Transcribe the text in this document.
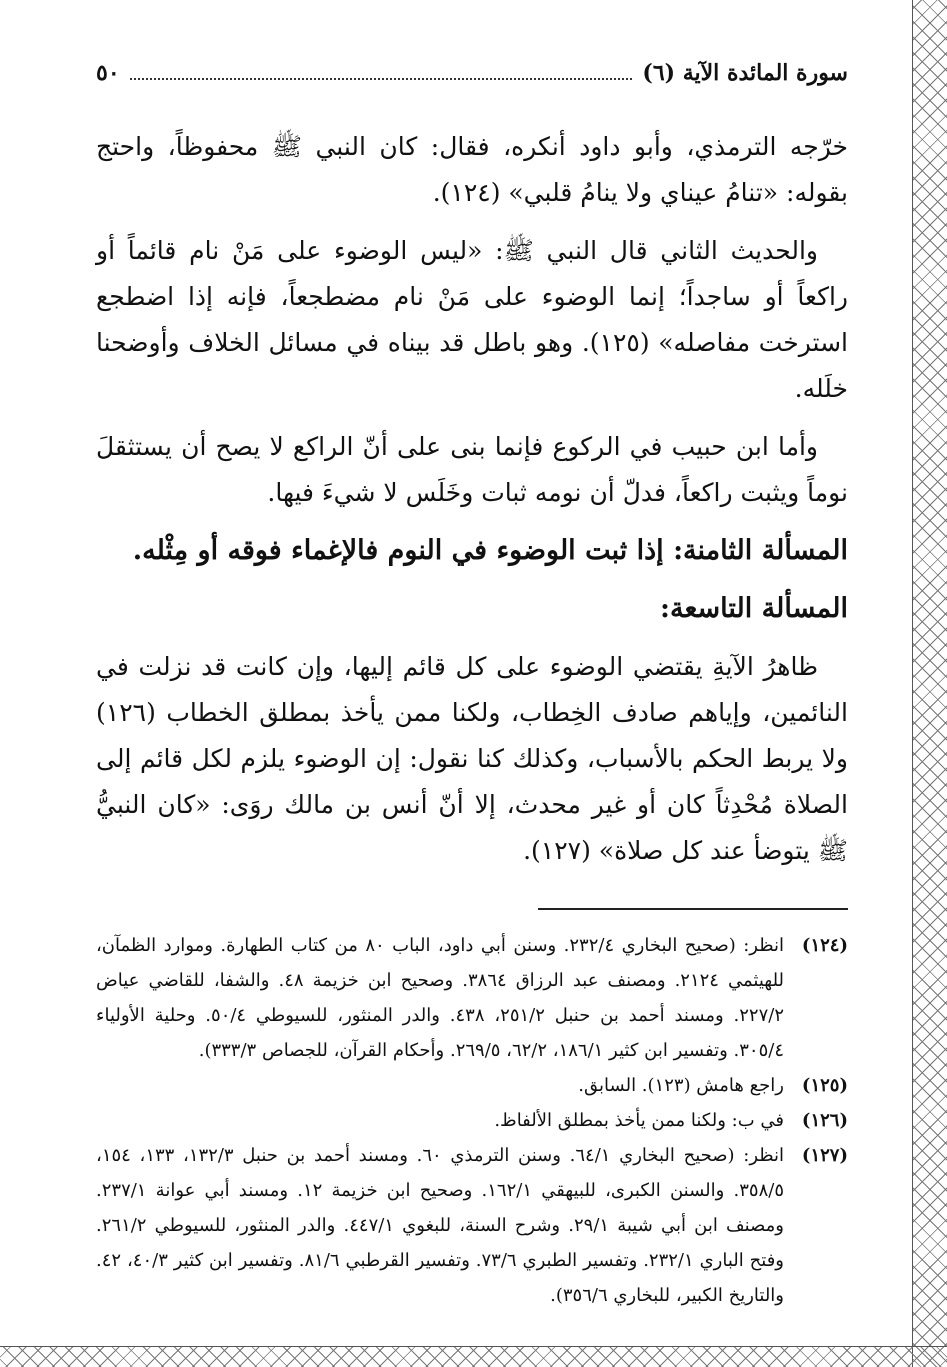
سورة المائدة الآية (٦)
٥٠

خرّجه الترمذي، وأبو داود أنكره، فقال: كان النبي ﷺ محفوظاً، واحتج بقوله: «تنامُ عيناي ولا ينامُ قلبي» (١٢٤).

والحديث الثاني قال النبي ﷺ: «ليس الوضوء على مَنْ نام قائماً أو راكعاً أو ساجداً؛ إنما الوضوء على مَنْ نام مضطجعاً، فإنه إذا اضطجع استرخت مفاصله» (١٢٥). وهو باطل قد بيناه في مسائل الخلاف وأوضحنا خلَله.

وأما ابن حبيب في الركوع فإنما بنى على أنّ الراكع لا يصح أن يستثقلَ نوماً ويثبت راكعاً، فدلّ أن نومه ثبات وخَلَس لا شيءَ فيها.

المسألة الثامنة: إذا ثبت الوضوء في النوم فالإغماء فوقه أو مِثْله.
المسألة التاسعة:

ظاهرُ الآيةِ يقتضي الوضوء على كل قائم إليها، وإن كانت قد نزلت في النائمين، وإياهم صادف الخِطاب، ولكنا ممن يأخذ بمطلق الخطاب (١٢٦) ولا يربط الحكم بالأسباب، وكذلك كنا نقول: إن الوضوء يلزم لكل قائم إلى الصلاة مُحْدِثاً كان أو غير محدث، إلا أنّ أنس بن مالك روَى: «كان النبيُّ ﷺ يتوضأ عند كل صلاة» (١٢٧).

(١٢٤)
انظر: (صحيح البخاري ٢٣٢/٤. وسنن أبي داود، الباب ٨٠ من كتاب الطهارة. وموارد الظمآن، للهيثمي ٢١٢٤. ومصنف عبد الرزاق ٣٨٦٤. وصحيح ابن خزيمة ٤٨. والشفا، للقاضي عياض ٢٢٧/٢. ومسند أحمد بن حنبل ٢٥١/٢، ٤٣٨. والدر المنثور، للسيوطي ٥٠/٤. وحلية الأولياء ٣٠٥/٤. وتفسير ابن كثير ١٨٦/١، ٦٢/٢، ٢٦٩/٥. وأحكام القرآن، للجصاص ٣٣٣/٣).
(١٢٥)
راجع هامش (١٢٣). السابق.
(١٢٦)
في ب: ولكنا ممن يأخذ بمطلق الألفاظ.
(١٢٧)
انظر: (صحيح البخاري ٦٤/١. وسنن الترمذي ٦٠. ومسند أحمد بن حنبل ١٣٢/٣، ١٣٣، ١٥٤، ٣٥٨/٥. والسنن الكبرى، للبيهقي ١٦٢/١. وصحيح ابن خزيمة ١٢. ومسند أبي عوانة ٢٣٧/١. ومصنف ابن أبي شيبة ٢٩/١. وشرح السنة، للبغوي ٤٤٧/١. والدر المنثور، للسيوطي ٢٦١/٢. وفتح الباري ٢٣٢/١. وتفسير الطبري ٧٣/٦. وتفسير القرطبي ٨١/٦. وتفسير ابن كثير ٤٠/٣، ٤٢. والتاريخ الكبير، للبخاري ٣٥٦/٦).
